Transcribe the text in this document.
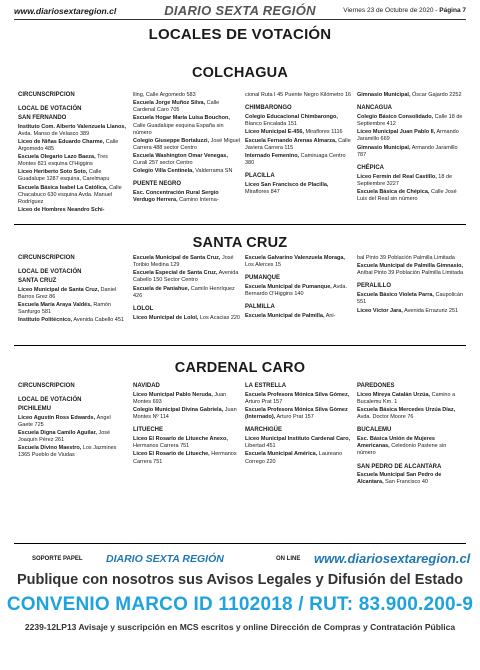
www.diariosextaregion.cl	DIARIO SEXTA REGIÓN	Viernes 23 de Octubre de 2020 - Página 7
LOCALES DE VOTACIÓN
COLCHAGUA
SANTA CRUZ
CARDENAL CARO

CIRCUNSCRIPCION

LOCAL DE VOTACIÓN

SAN FERNANDO

Instituto Com. Alberto Valenzuela Llanos, Avda. Manso de Velasco 389

Liceo de Niñas Eduardo Charme, Calle Argomedo 485

Escuela Olegario Lazo Baeza, Tres Montes 821 esquina O'Higgins

Liceo Heriberto Soto Soto, Calle Guadalupe 1287 esquina, Carelmapu

Escuela Básica Isabel La Católica, Calle Chacabuco 630 esquina Avda. Manuel Rodríguez

Liceo de Hombres Neandro Schi-

lling, Calle Argomedo 583

Escuela Jorge Muñoz Silva, Calle Cardenal Caro 705

Escuela Hogar María Luisa Bouchon, Calle Guadalupe esquina España sin número

Colegio Giuseppe Bortaluzzi, José Miguel Carrera 488 sector Centro

Escuela Washington Omar Venegas, Curali 257 sector Centro

Colegio Villa Centinela, Valderrama SN

PUENTE NEGRO

Esc. Concentración Rural Sergio Verdugo Herrera, Camino Interna-

cional Ruta I 45 Puente Negro Kilómetro 16

CHIMBARONGO

Colegio Educacional Chimbarongo, Blanco Encalada 151

Liceo Municipal E-456, Miraflores 1116

Escuela Fernando Arenas Almarza, Calle Javiera Carrera 115

Internado Femenino, Camiruaga Centro 380

PLACILLA

Liceo San Francisco de Placilla, Miraflores 847

Gimnasio Municipal, Óscar Gajardo 2252

NANCAGUA

Colegio Básico Consolidado, Calle 18 de Septiembre 412

Liceo Municipal Juan Pablo II, Armando Jaramillo 669

Gimnasio Municipal, Armando Jaramillo 787

CHÉPICA

Liceo Fermín del Real Castillo, 18 de Septiembre 3227

Escuela Básica de Chépica, Calle José Luis del Real sin número

CIRCUNSCRIPCION

LOCAL DE VOTACIÓN

SANTA CRUZ

Liceo Municipal de Santa Cruz, Daniel Barros Grez 86

Escuela María Araya Valdés, Ramón Sanfurgo 581

Instituto Politécnico, Avenida Cabello 451

Escuela Municipal de Santa Cruz, José Toribio Medina 129

Escuela Especial de Santa Cruz, Avenida Cabello 150 Sector Centro

Escuela de Paniahue, Camilo Henríquez 426

LOLOL

Liceo Municipal de Lolol, Los Acacias 220

Escuela Galvarino Valenzuela Moraga, Los Alerces 15

PUMANQUE

Escuela Municipal de Pumanque, Avda. Bernardo O'Higgins 140

PALMILLA

Escuela Municipal de Palmilla, Ani-

bal Pinto 39 Población Palmilla Limitada

Escuela Municipal de Palmilla Gimnasio, Aníbal Pinto 39 Población Palmilla Limitada

PERALILLO

Escuela Básico Violeta Parra, Caupolicán 551

Liceo Víctor Jara, Avenida Errazuriz 251

CIRCUNSCRIPCION

LOCAL DE VOTACIÓN

PICHILEMU

Liceo Agustín Ross Edwards, Ángel Gaete 725

Escuela Digna Camilo Aguilar, José Joaquín Pérez 261

Escuela Divino Maestro, Los Jazmines 1365 Pueblo de Viudas

NAVIDAD

Liceo Municipal Pablo Neruda, Juan Montes 693

Colegio Municipal Divina Gabriela, Juan Montes Nº 114

LITUECHE

Liceo El Rosario de Litueche Anexo, Hermanos Carrera 751

Liceo El Rosario de Litueche, Hermanos Carrera 751

LA ESTRELLA

Escuela Profesora Mónica Silva Gómez, Arturo Prat 157

Escuela Profesora Mónica Silva Gómez (Internado), Arturo Prat 157

MARCHIGÜE

Liceo Municipal Instituto Cardenal Caro, Libertad 451

Escuela Municipal América, Laureano Corrego 220

PAREDONES

Liceo Mireya Catalán Urzúa, Camino a Bucalemu Km. 1

Escuela Básica Mercedes Urzúa Díaz, Avda. Doctor Moore 76

BUCALEMU

Esc. Básica Unión de Mujeres Americanas, Celedonio Pastene sin número

SAN PEDRO DE ALCANTARA

Escuela Municipal San Pedro de Alcantara, San Francisco 40

SOPORTE PAPEL DIARIO SEXTA REGIÓN	ON LINE www.diariosextaregion.cl
Publique con nosotros sus Avisos Legales y Difusión del Estado
CONVENIO MARCO ID 1102018 / RUT: 83.900.200-9
2239-12LP13 Avisaje y suscripción en MCS escritos y online Dirección de Compras y Contratación Pública
